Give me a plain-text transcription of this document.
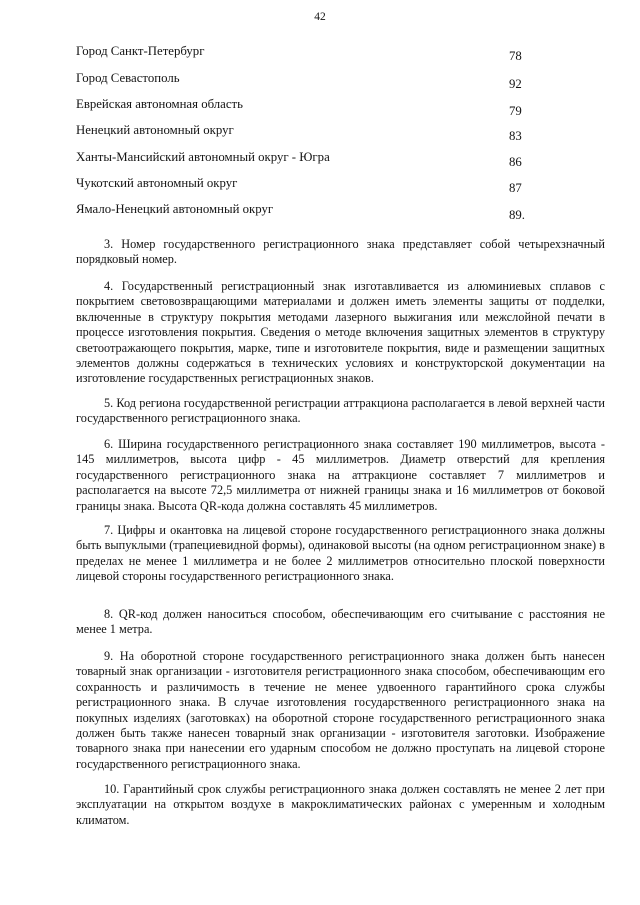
42
Город Санкт-Петербург	78
Город Севастополь	92
Еврейская автономная область	79
Ненецкий автономный округ	83
Ханты-Мансийский автономный округ - Югра	86
Чукотский автономный округ	87
Ямало-Ненецкий автономный округ	89.

3. Номер государственного регистрационного знака представляет собой четырехзначный порядковый номер.

4. Государственный регистрационный знак изготавливается из алюминиевых сплавов с покрытием световозвращающими материалами и должен иметь элементы защиты от подделки, включенные в структуру покрытия методами лазерного выжигания или межслойной печати в процессе изготовления покрытия. Сведения о методе включения защитных элементов в структуру светоотражающего покрытия, марке, типе и изготовителе покрытия, виде и размещении защитных элементов должны содержаться в технических условиях и конструкторской документации на изготовление государственных регистрационных знаков.

5. Код региона государственной регистрации аттракциона располагается в левой верхней части государственного регистрационного знака.

6. Ширина государственного регистрационного знака составляет 190 миллиметров, высота - 145 миллиметров, высота цифр - 45 миллиметров. Диаметр отверстий для крепления государственного регистрационного знака на аттракционе составляет 7 миллиметров и располагается на высоте 72,5 миллиметра от нижней границы знака и 16 миллиметров от боковой границы знака. Высота QR-кода должна составлять 45 миллиметров.

7. Цифры и окантовка на лицевой стороне государственного регистрационного знака должны быть выпуклыми (трапециевидной формы), одинаковой высоты (на одном регистрационном знаке) в пределах не менее 1 миллиметра и не более 2 миллиметров относительно плоской поверхности лицевой стороны государственного регистрационного знака.

8. QR-код должен наноситься способом, обеспечивающим его считывание с расстояния не менее 1 метра.

9. На оборотной стороне государственного регистрационного знака должен быть нанесен товарный знак организации - изготовителя регистрационного знака способом, обеспечивающим его сохранность и различимость в течение не менее удвоенного гарантийного срока службы регистрационного знака. В случае изготовления государственного регистрационного знака на покупных изделиях (заготовках) на оборотной стороне государственного регистрационного знака должен быть также нанесен товарный знак организации - изготовителя заготовки. Изображение товарного знака при нанесении его ударным способом не должно проступать на лицевой стороне государственного регистрационного знака.

10. Гарантийный срок службы регистрационного знака должен составлять не менее 2 лет при эксплуатации на открытом воздухе в макроклиматических районах с умеренным и холодным климатом.
